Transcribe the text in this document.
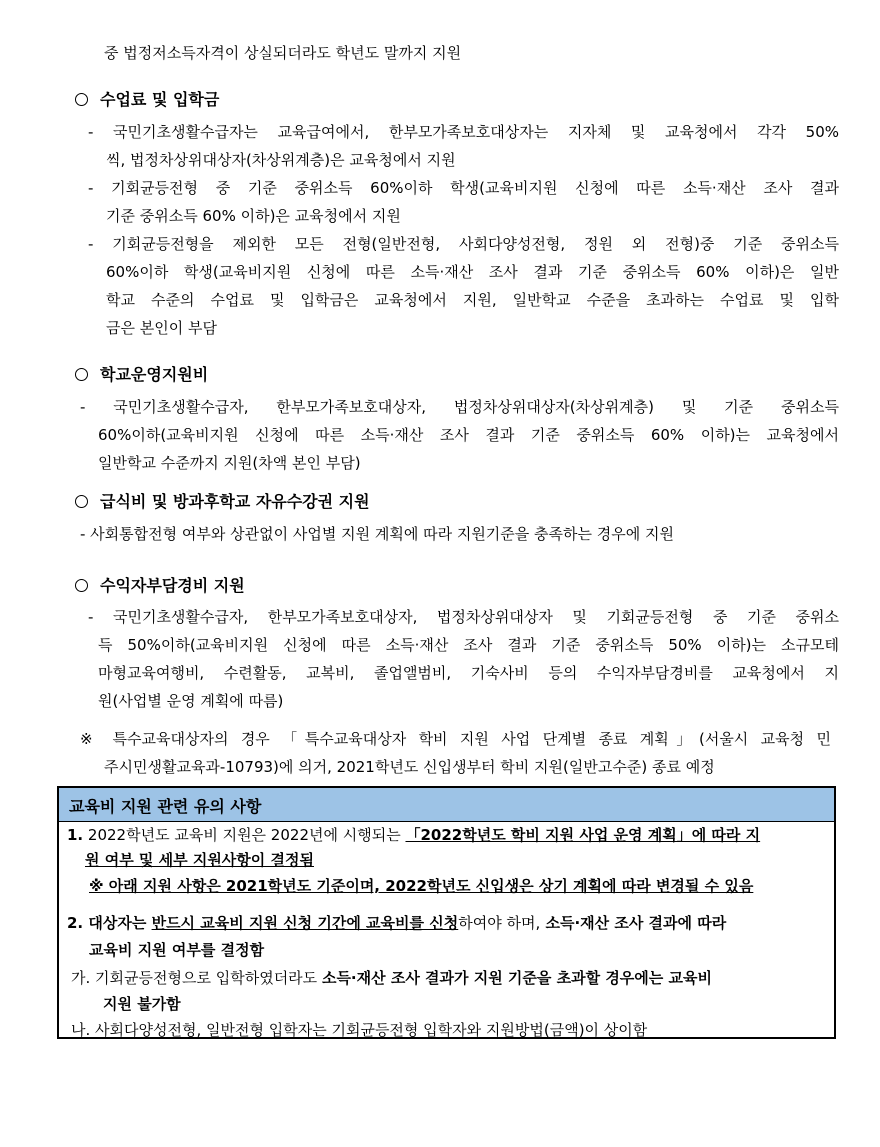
중 법정저소득자격이 상실되더라도 학년도 말까지 지원
수업료 및 입학금
- 국민기초생활수급자는 교육급여에서, 한부모가족보호대상자는 지자체 및 교육청에서 각각 50%
씩, 법정차상위대상자(차상위계층)은 교육청에서 지원
- 기회균등전형 중 기준 중위소득 60%이하 학생(교육비지원 신청에 따른 소득·재산 조사 결과
기준 중위소득 60% 이하)은 교육청에서 지원
- 기회균등전형을 제외한 모든 전형(일반전형, 사회다양성전형, 정원 외 전형)중 기준 중위소득
60%이하 학생(교육비지원 신청에 따른 소득·재산 조사 결과 기준 중위소득 60% 이하)은 일반
학교 수준의 수업료 및 입학금은 교육청에서 지원, 일반학교 수준을 초과하는 수업료 및 입학
금은 본인이 부담
학교운영지원비
- 국민기초생활수급자, 한부모가족보호대상자, 법정차상위대상자(차상위계층) 및 기준 중위소득
60%이하(교육비지원 신청에 따른 소득·재산 조사 결과 기준 중위소득 60% 이하)는 교육청에서
일반학교 수준까지 지원(차액 본인 부담)
급식비 및 방과후학교 자유수강권 지원
- 사회통합전형 여부와 상관없이 사업별 지원 계획에 따라 지원기준을 충족하는 경우에 지원
수익자부담경비 지원
- 국민기초생활수급자, 한부모가족보호대상자, 법정차상위대상자 및 기회균등전형 중 기준 중위소
득 50%이하(교육비지원 신청에 따른 소득·재산 조사 결과 기준 중위소득 50% 이하)는 소규모테
마형교육여행비, 수련활동, 교복비, 졸업앨범비, 기숙사비 등의 수익자부담경비를 교육청에서 지
원(사업별 운영 계획에 따름)
※ 특수교육대상자의 경우 「특수교육대상자 학비 지원 사업 단계별 종료 계획」(서울시 교육청 민
주시민생활교육과-10793)에 의거, 2021학년도 신입생부터 학비 지원(일반고수준) 종료 예정
교육비 지원 관련 유의 사항
1. 2022학년도 교육비 지원은 2022년에 시행되는 「2022학년도 학비 지원 사업 운영 계획」에 따라 지
원 여부 및 세부 지원사항이 결정됨
※ 아래 지원 사항은 2021학년도 기준이며, 2022학년도 신입생은 상기 계획에 따라 변경될 수 있음
2. 대상자는 반드시 교육비 지원 신청 기간에 교육비를 신청하여야 하며, 소득·재산 조사 결과에 따라
교육비 지원 여부를 결정함
가. 기회균등전형으로 입학하였더라도 소득·재산 조사 결과가 지원 기준을 초과할 경우에는 교육비
지원 불가함
나. 사회다양성전형, 일반전형 입학자는 기회균등전형 입학자와 지원방법(금액)이 상이함
